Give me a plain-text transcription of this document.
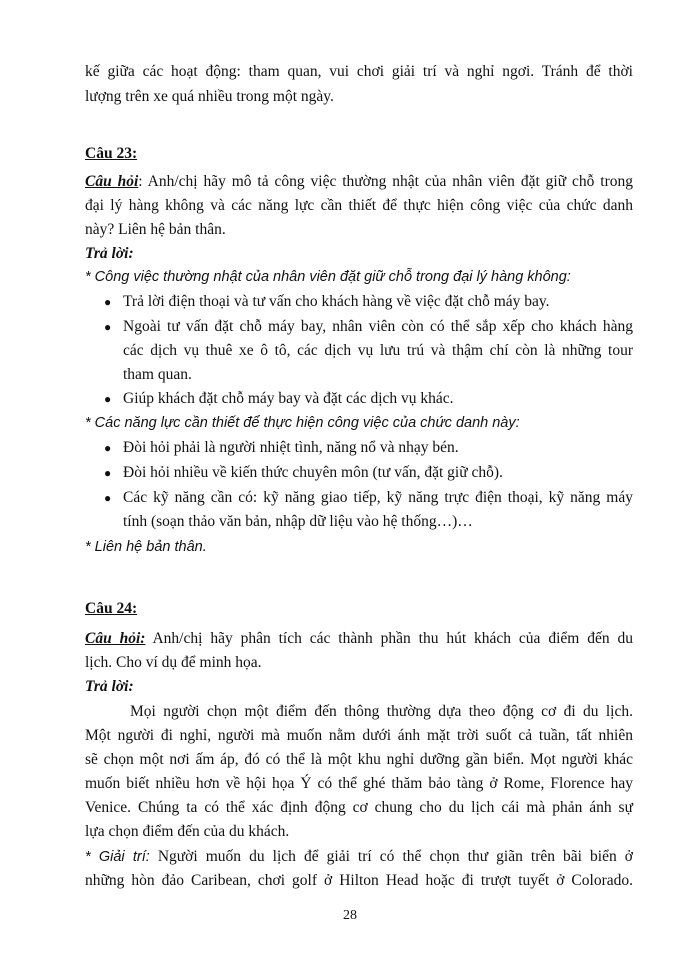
kế giữa các hoạt động: tham quan, vui chơi giải trí và nghỉ ngơi. Tránh để thời
lượng trên xe quá nhiều trong một ngày.
Câu 23:
Câu hỏi: Anh/chị hãy mô tả công việc thường nhật của nhân viên đặt giữ chỗ trong
đại lý hàng không và các năng lực cần thiết để thực hiện công việc của chức danh
này? Liên hệ bản thân.
Trả lời:
* Công việc thường nhật của nhân viên đặt giữ chỗ trong đại lý hàng không:
● Trả lời điện thoại và tư vấn cho khách hàng về việc đặt chỗ máy bay.
● Ngoài tư vấn đặt chỗ máy bay, nhân viên còn có thể sắp xếp cho khách hàng
các dịch vụ thuê xe ô tô, các dịch vụ lưu trú và thậm chí còn là những tour
tham quan.
● Giúp khách đặt chỗ máy bay và đặt các dịch vụ khác.
* Các năng lực cần thiết để thực hiện công việc của chức danh này:
● Đòi hỏi phải là người nhiệt tình, năng nổ và nhạy bén.
● Đòi hỏi nhiều về kiến thức chuyên môn (tư vấn, đặt giữ chỗ).
● Các kỹ năng cần có: kỹ năng giao tiếp, kỹ năng trực điện thoại, kỹ năng máy
tính (soạn thảo văn bản, nhập dữ liệu vào hệ thống…)…
* Liên hệ bản thân.
Câu 24:
Câu hỏi: Anh/chị hãy phân tích các thành phần thu hút khách của điểm đến du
lịch. Cho ví dụ để minh họa.
Trả lời:
Mọi người chọn một điểm đến thông thường dựa theo động cơ đi du lịch.
Một người đi nghỉ, người mà muốn nằm dưới ánh mặt trời suốt cả tuần, tất nhiên
sẽ chọn một nơi ấm áp, đó có thể là một khu nghỉ dưỡng gần biển. Mọt người khác
muốn biết nhiều hơn về hội họa Ý có thể ghé thăm bảo tàng ở Rome, Florence hay
Venice. Chúng ta có thể xác định động cơ chung cho du lịch cái mà phản ánh sự
lựa chọn điểm đến của du khách.
* Giải trí: Người muốn du lịch để giải trí có thể chọn thư giãn trên bãi biển ở
những hòn đảo Caribean, chơi golf ở Hilton Head hoặc đi trượt tuyết ở Colorado.
28
